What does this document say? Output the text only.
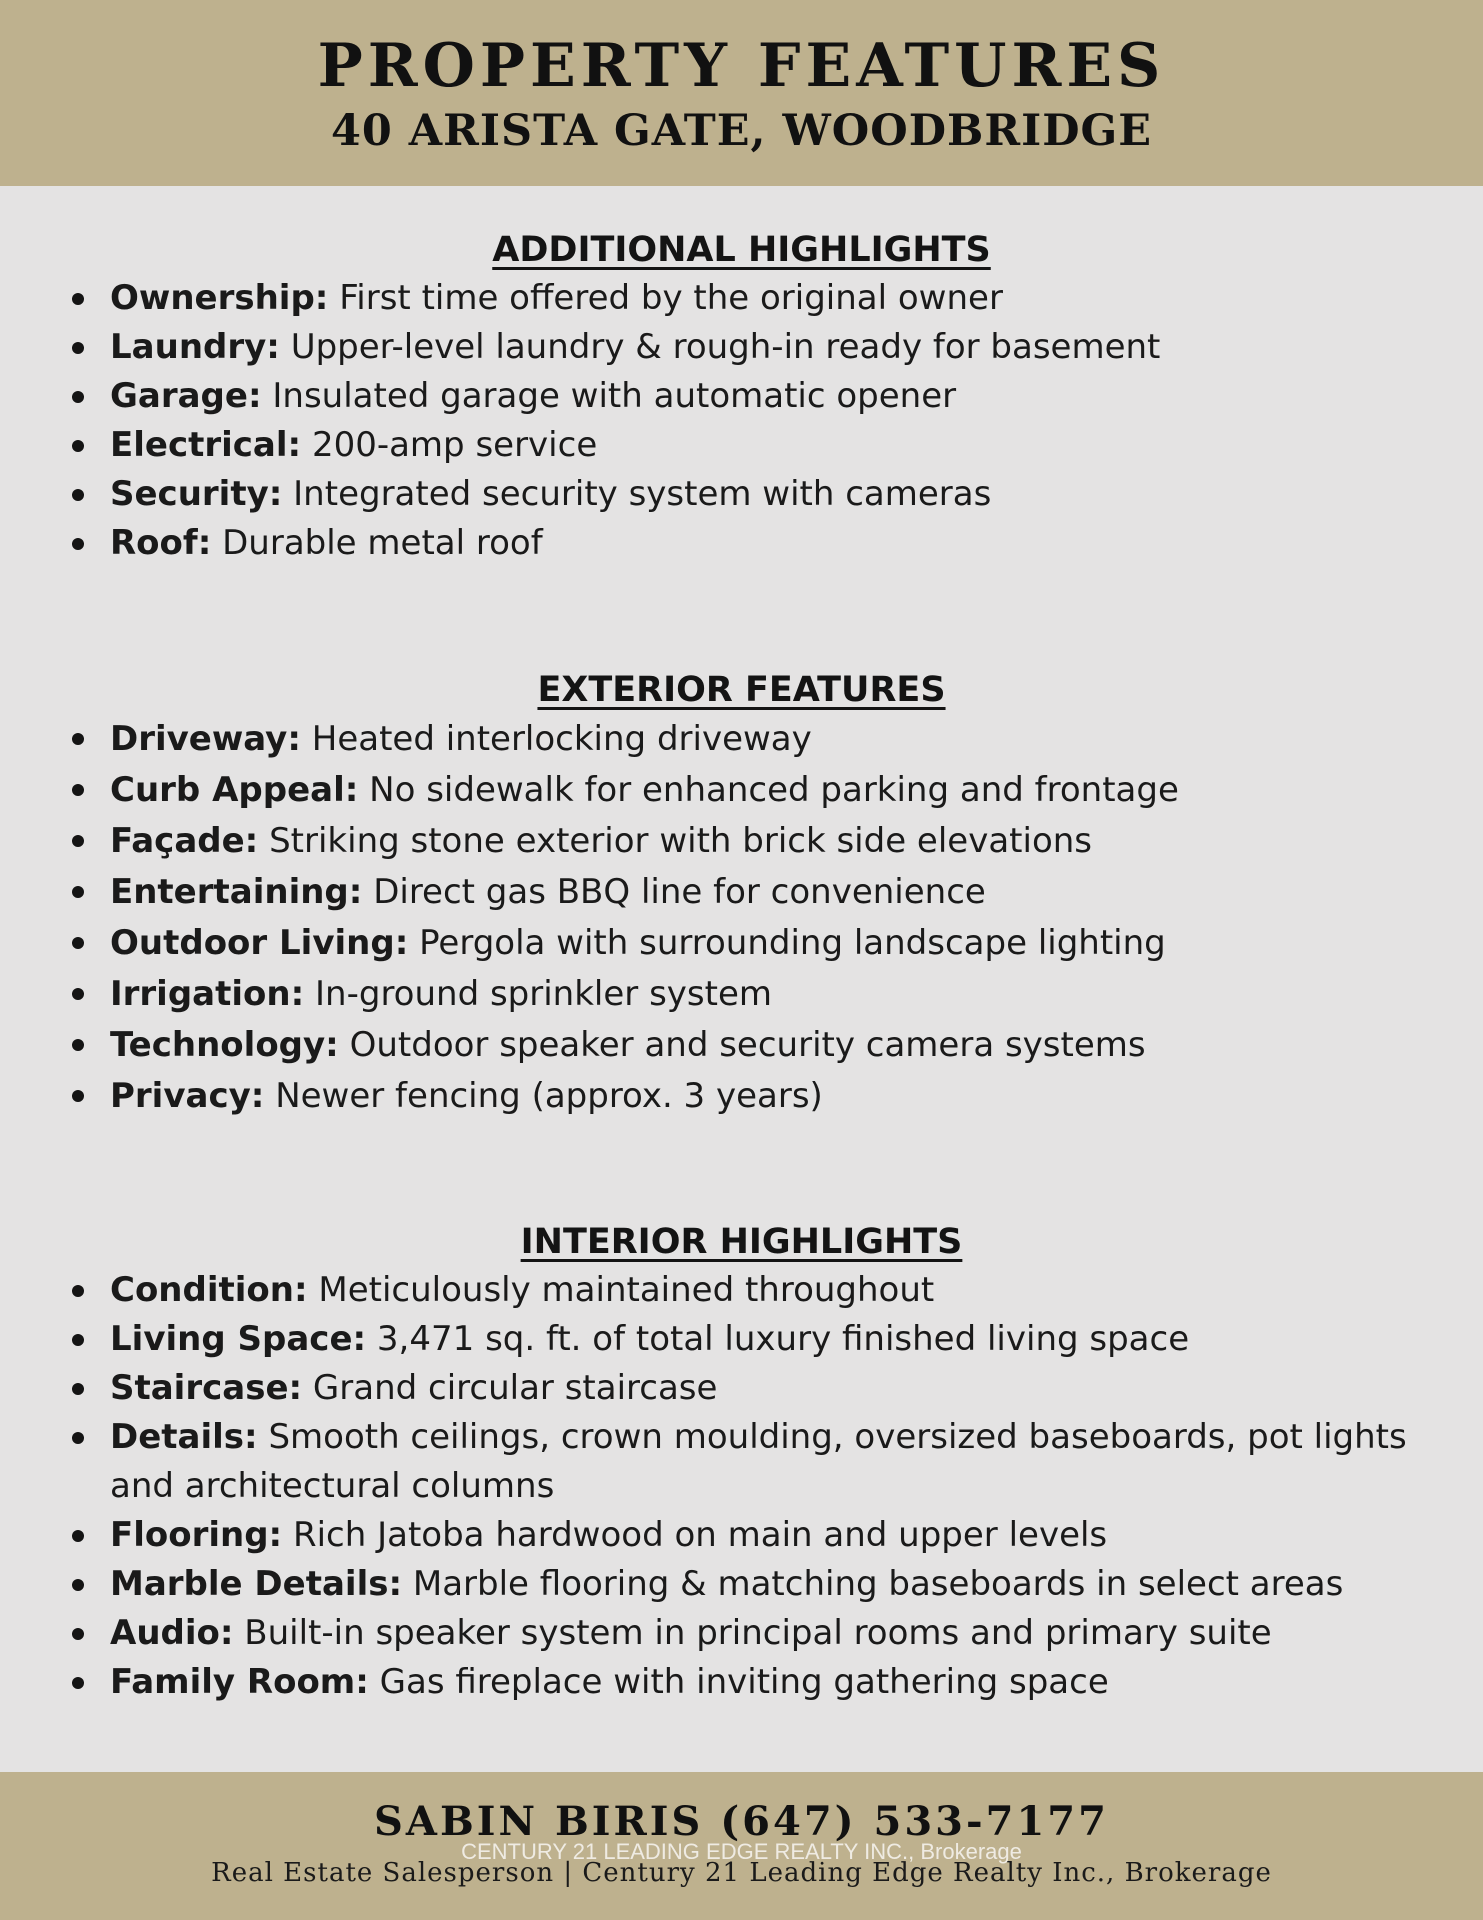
PROPERTY FEATURES
40 ARISTA GATE, WOODBRIDGE
ADDITIONAL HIGHLIGHTS
Ownership: First time offered by the original owner
Laundry: Upper-level laundry & rough-in ready for basement
Garage: Insulated garage with automatic opener
Electrical: 200-amp service
Security: Integrated security system with cameras
Roof: Durable metal roof
EXTERIOR FEATURES
Driveway: Heated interlocking driveway
Curb Appeal: No sidewalk for enhanced parking and frontage
Façade: Striking stone exterior with brick side elevations
Entertaining: Direct gas BBQ line for convenience
Outdoor Living: Pergola with surrounding landscape lighting
Irrigation: In-ground sprinkler system
Technology: Outdoor speaker and security camera systems
Privacy: Newer fencing (approx. 3 years)
INTERIOR HIGHLIGHTS
Condition: Meticulously maintained throughout
Living Space: 3,471 sq. ft. of total luxury finished living space
Staircase: Grand circular staircase
Details: Smooth ceilings, crown moulding, oversized baseboards, pot lights and architectural columns
Flooring: Rich Jatoba hardwood on main and upper levels
Marble Details: Marble flooring & matching baseboards in select areas
Audio: Built-in speaker system in principal rooms and primary suite
Family Room: Gas fireplace with inviting gathering space
SABIN BIRIS (647) 533-7177
CENTURY 21 LEADING EDGE REALTY INC., Brokerage
Real Estate Salesperson | Century 21 Leading Edge Realty Inc., Brokerage
